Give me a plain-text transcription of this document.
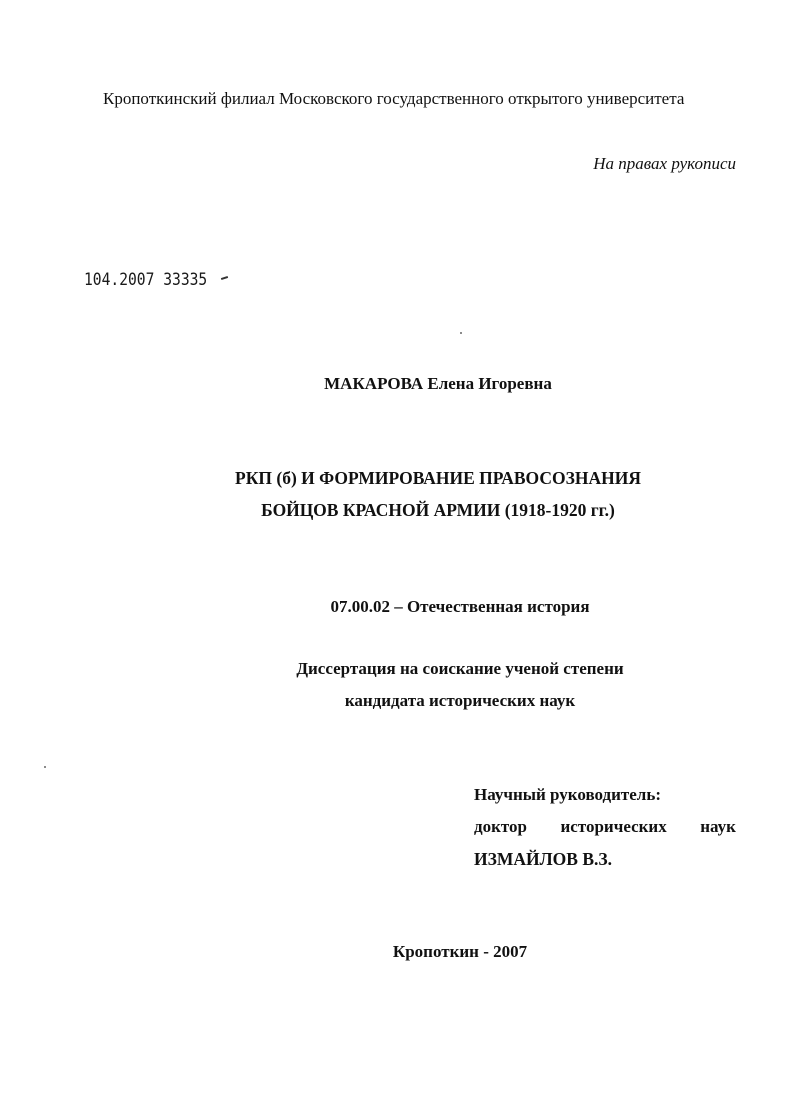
Кропоткинский филиал Московского государственного открытого университета
На правах рукописи
104.2007 33335
МАКАРОВА Елена Игоревна
РКП (б) И ФОРМИРОВАНИЕ ПРАВОСОЗНАНИЯ
БОЙЦОВ КРАСНОЙ АРМИИ (1918-1920 гг.)
07.00.02 – Отечественная история
Диссертация на соискание ученой степени
кандидата исторических наук
Научный руководитель:
доктор исторических наук
ИЗМАЙЛОВ В.З.
Кропоткин - 2007
